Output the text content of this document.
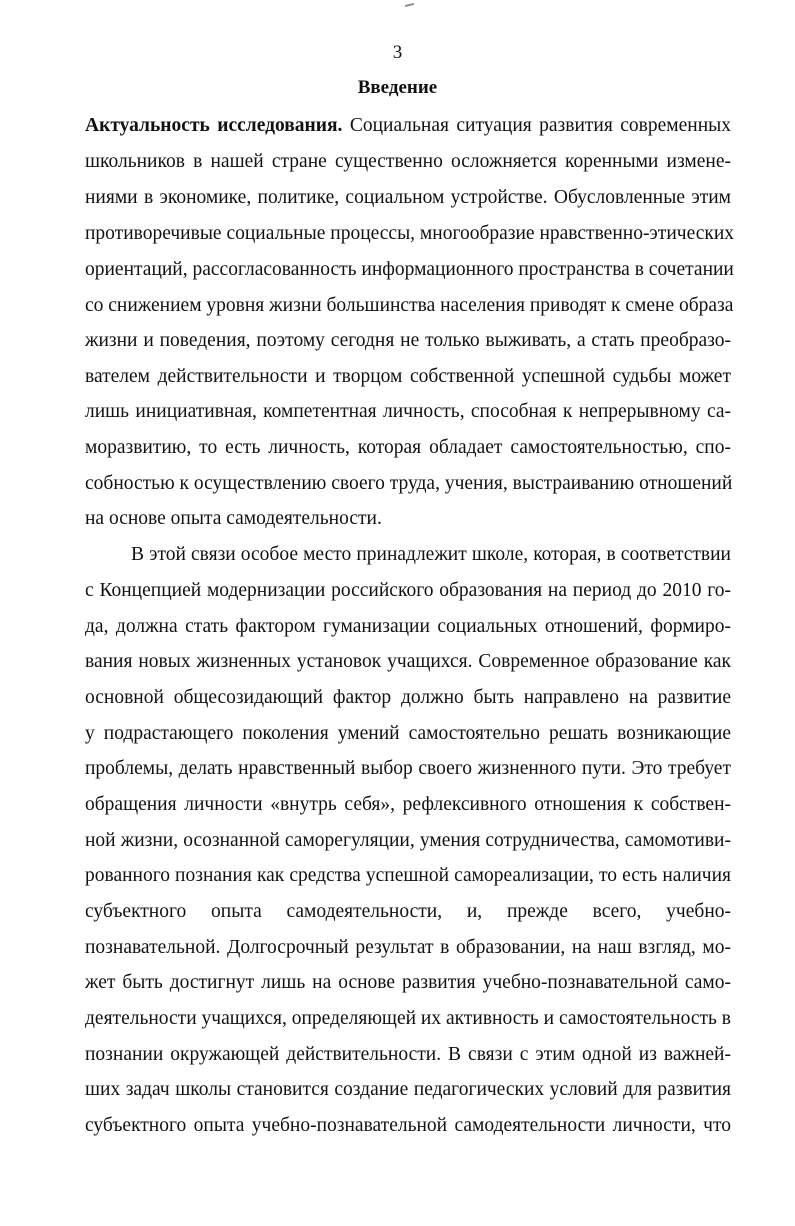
3
Введение
Актуальность исследования. Социальная ситуация развития современных
школьников в нашей стране существенно осложняется коренными измене-
ниями в экономике, политике, социальном устройстве. Обусловленные этим
противоречивые социальные процессы, многообразие нравственно-этических
ориентаций, рассогласованность информационного пространства в сочетании
со снижением уровня жизни большинства населения приводят к смене образа
жизни и поведения, поэтому сегодня не только выживать, а стать преобразо-
вателем действительности и творцом собственной успешной судьбы может
лишь инициативная, компетентная личность, способная к непрерывному са-
моразвитию, то есть личность, которая обладает самостоятельностью, спо-
собностью к осуществлению своего труда, учения, выстраиванию отношений
на основе опыта самодеятельности.
В этой связи особое место принадлежит школе, которая, в соответствии
с Концепцией модернизации российского образования на период до 2010 го-
да, должна стать фактором гуманизации социальных отношений, формиро-
вания новых жизненных установок учащихся. Современное образование как
основной общесозидающий фактор должно быть направлено на развитие
у подрастающего поколения умений самостоятельно решать возникающие
проблемы, делать нравственный выбор своего жизненного пути. Это требует
обращения личности «внутрь себя», рефлексивного отношения к собствен-
ной жизни, осознанной саморегуляции, умения сотрудничества, самомотиви-
рованного познания как средства успешной самореализации, то есть наличия
субъектного опыта самодеятельности, и, прежде всего, учебно-
познавательной. Долгосрочный результат в образовании, на наш взгляд, мо-
жет быть достигнут лишь на основе развития учебно-познавательной само-
деятельности учащихся, определяющей их активность и самостоятельность в
познании окружающей действительности. В связи с этим одной из важней-
ших задач школы становится создание педагогических условий для развития
субъектного опыта учебно-познавательной самодеятельности личности, что
